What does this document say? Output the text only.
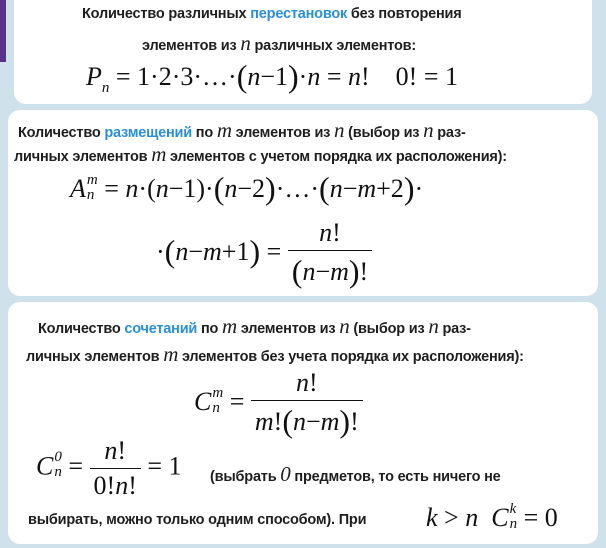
Количество различных перестановок без повторения
элементов из n различных элементов:
$P_n$ = 1·2·3·…·(n−1)·n = n!    0! = 1
Количество размещений по m элементов из n (выбор из n раз-
личных элементов m элементов с учетом порядка их расположения):
A m
n = n·(n−1)·(n−2)·…·(n−m+2)·
$\cdot(n-m+1) = \frac{n!}{(n-m)!}$
Количество сочетаний по m элементов из n (выбор из n раз-
личных элементов m элементов без учета порядка их расположения):
C m
$n = \frac{n!}{m!(n-m)!}$
C 0
$n = \frac{n!}{0!n!} = 1$ (выбрать 0 предметов, то есть ничего не
выбирать, можно только одним способом). При k > n C k
n = 0
